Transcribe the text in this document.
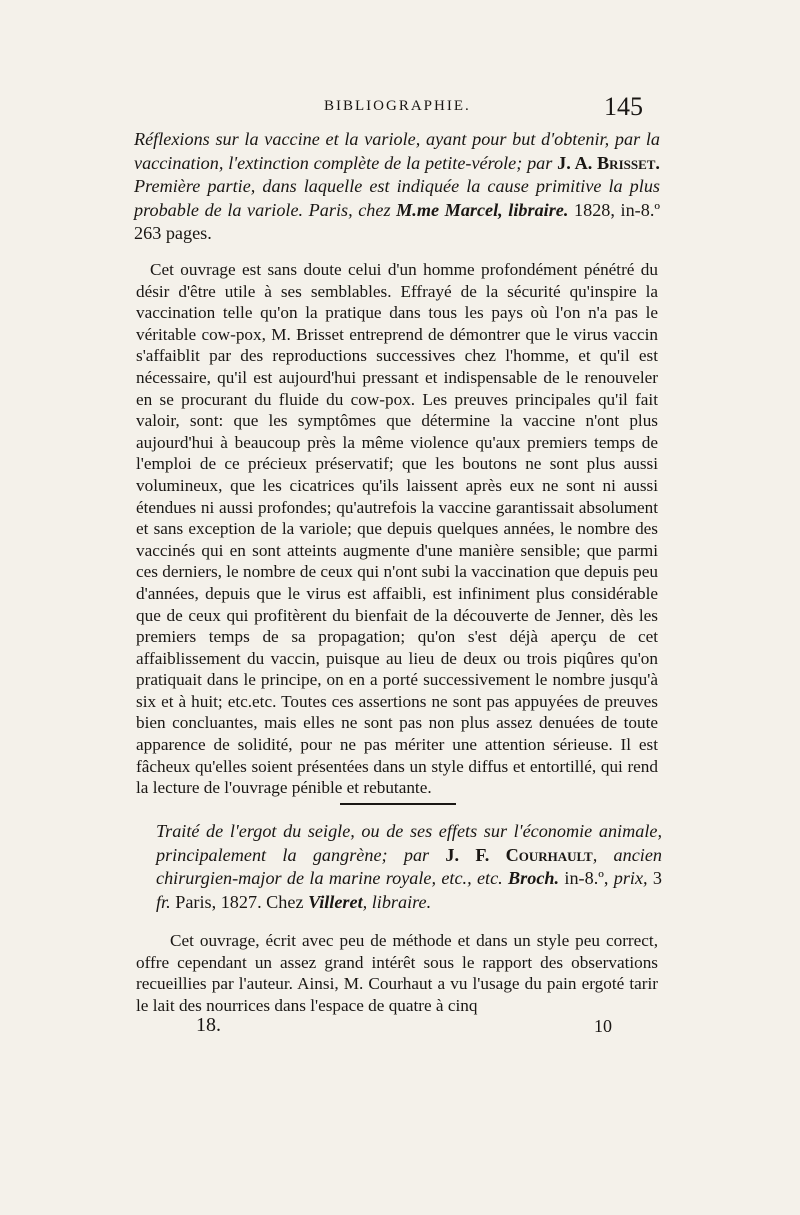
BIBLIOGRAPHIE.	145

Réflexions sur la vaccine et la variole, ayant pour but d'obtenir, par la vaccination, l'extinction complète de la petite-vérole; par J. A. Brisset. Première partie, dans laquelle est indiquée la cause primitive la plus probable de la variole. Paris, chez M.me Marcel, libraire. 1828, in-8.º 263 pages.

Cet ouvrage est sans doute celui d'un homme profondément pénétré du désir d'être utile à ses semblables. Effrayé de la sécurité qu'inspire la vaccination telle qu'on la pratique dans tous les pays où l'on n'a pas le véritable cow-pox, M. Brisset entreprend de démontrer que le virus vaccin s'affaiblit par des reproductions successives chez l'homme, et qu'il est nécessaire, qu'il est aujourd'hui pressant et indispensable de le renouveler en se procurant du fluide du cow-pox. Les preuves principales qu'il fait valoir, sont: que les symptômes que détermine la vaccine n'ont plus aujourd'hui à beaucoup près la même violence qu'aux premiers temps de l'emploi de ce précieux préservatif; que les boutons ne sont plus aussi volumineux, que les cicatrices qu'ils laissent après eux ne sont ni aussi étendues ni aussi profondes; qu'autrefois la vaccine garantissait absolument et sans exception de la variole; que depuis quelques années, le nombre des vaccinés qui en sont atteints augmente d'une manière sensible; que parmi ces derniers, le nombre de ceux qui n'ont subi la vaccination que depuis peu d'années, depuis que le virus est affaibli, est infiniment plus considérable que de ceux qui profitèrent du bienfait de la découverte de Jenner, dès les premiers temps de sa propagation; qu'on s'est déjà aperçu de cet affaiblissement du vaccin, puisque au lieu de deux ou trois piqûres qu'on pratiquait dans le principe, on en a porté successivement le nombre jusqu'à six et à huit; etc.etc. Toutes ces assertions ne sont pas appuyées de preuves bien concluantes, mais elles ne sont pas non plus assez denuées de toute apparence de solidité, pour ne pas mériter une attention sérieuse. Il est fâcheux qu'elles soient présentées dans un style diffus et entortillé, qui rend la lecture de l'ouvrage pénible et rebutante.

Traité de l'ergot du seigle, ou de ses effets sur l'économie animale, principalement la gangrène; par J. F. Courhault, ancien chirurgien-major de la marine royale, etc., etc. Broch. in-8.º, prix, 3 fr. Paris, 1827. Chez Villeret, libraire.

Cet ouvrage, écrit avec peu de méthode et dans un style peu correct, offre cependant un assez grand intérêt sous le rapport des observations recueillies par l'auteur. Ainsi, M. Courhaut a vu l'usage du pain ergoté tarir le lait des nourrices dans l'espace de quatre à cinq

18.	10
